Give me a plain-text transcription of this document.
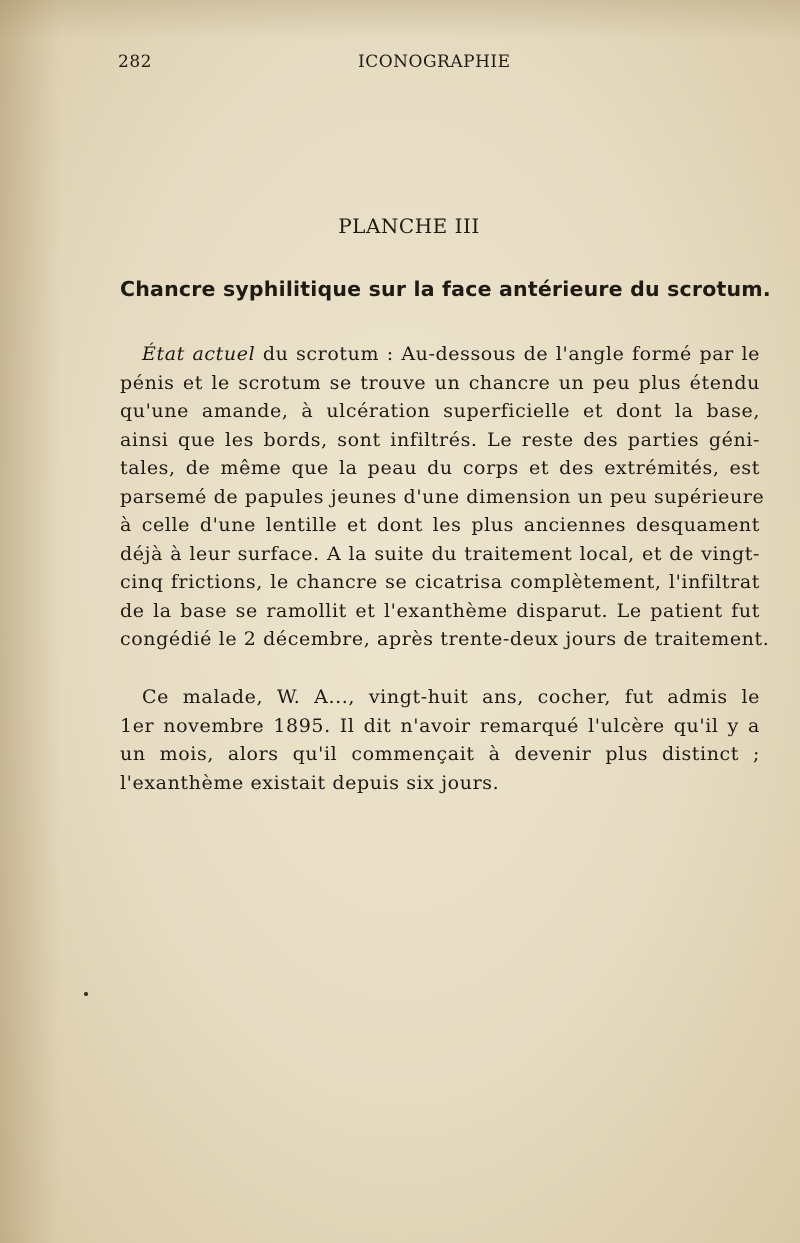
282	ICONOGRAPHIE
PLANCHE III
Chancre syphilitique sur la face antérieure du scrotum.
État actuel du scrotum : Au-dessous de l'angle formé par le
pénis et le scrotum se trouve un chancre un peu plus étendu
qu'une amande, à ulcération superficielle et dont la base,
ainsi que les bords, sont infiltrés. Le reste des parties géni-
tales, de même que la peau du corps et des extrémités, est
parsemé de papules jeunes d'une dimension un peu supérieure
à celle d'une lentille et dont les plus anciennes desquament
déjà à leur surface. A la suite du traitement local, et de vingt-
cinq frictions, le chancre se cicatrisa complètement, l'infiltrat
de la base se ramollit et l'exanthème disparut. Le patient fut
congédié le 2 décembre, après trente-deux jours de traitement.
Ce malade, W. A..., vingt-huit ans, cocher, fut admis le
1er novembre 1895. Il dit n'avoir remarqué l'ulcère qu'il y a
un mois, alors qu'il commençait à devenir plus distinct ;
l'exanthème existait depuis six jours.
